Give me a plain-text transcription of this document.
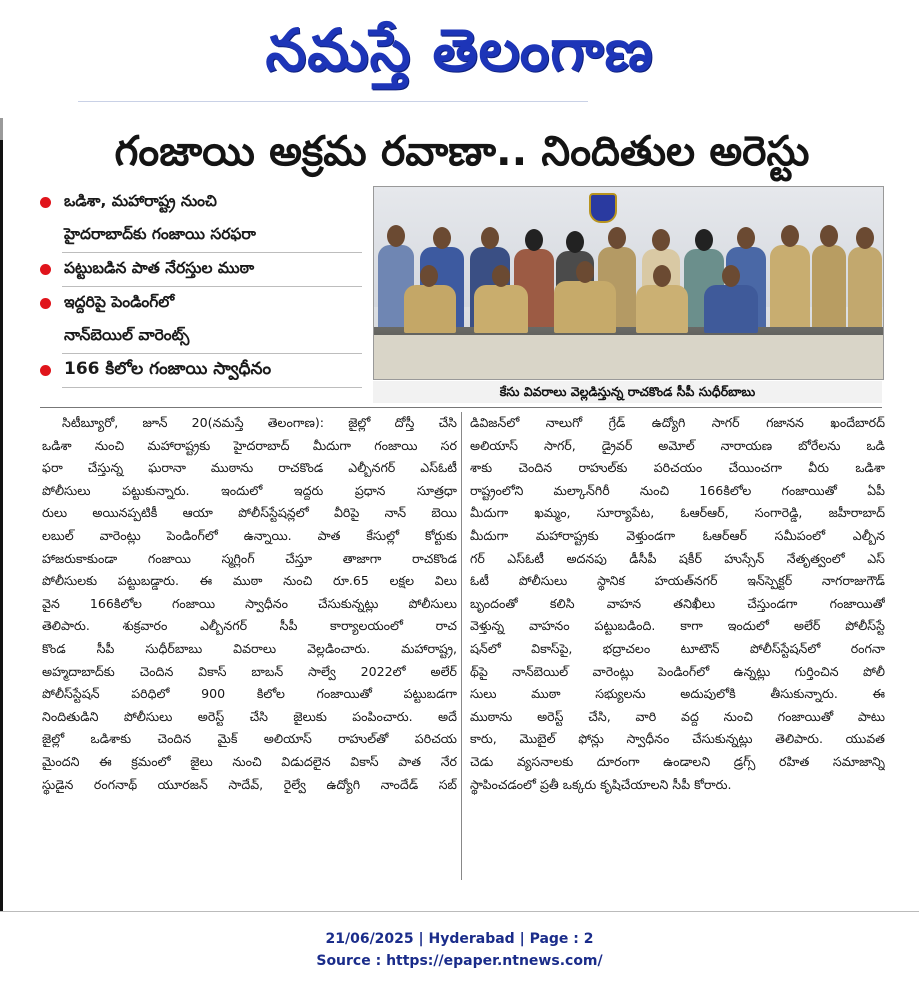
నమస్తే తెలంగాణ
గంజాయి అక్రమ రవాణా.. నిందితుల అరెస్టు
ఒడిశా, మహారాష్ట్ర నుంచి
హైదరాబాద్‌కు గంజాయి సరఫరా
పట్టుబడిన పాత నేరస్తుల ముఠా
ఇద్దరిపై పెండింగ్‌లో
నాన్‌బెయిల్ వారెంట్స్
166 కిలోల గంజాయి స్వాధీనం
కేసు వివరాలు వెల్లడిస్తున్న రాచకొండ సీపీ సుధీర్‌బాబు
సిటీబ్యూరో, జూన్ 20(నమస్తే తెలంగాణ): జైల్లో దోస్తీ చేసి
ఒడిశా నుంచి మహారాష్ట్రకు హైదరాబాద్ మీదుగా గంజాయి సర
ఫరా చేస్తున్న ఘరానా ముఠాను రాచకొండ ఎల్బీనగర్ ఎస్‌ఓటీ
పోలీసులు పట్టుకున్నారు. ఇందులో ఇద్దరు ప్రధాన సూత్రధా
రులు అయినప్పటికీ ఆయా పోలీస్‌స్టేషన్లలో వీరిపై నాన్ బెయి
లబుల్ వారెంట్లు పెండింగ్‌లో ఉన్నాయి. పాత కేసుల్లో కోర్టుకు
హాజరుకాకుండా గంజాయి స్మగ్లింగ్ చేస్తూ తాజాగా రాచకొండ
పోలీసులకు పట్టుబడ్డారు. ఈ ముఠా నుంచి రూ.65 లక్షల విలు
వైన 166కిలోల గంజాయి స్వాధీనం చేసుకున్నట్లు పోలీసులు
తెలిపారు. శుక్రవారం ఎల్బీనగర్ సీపీ కార్యాలయంలో రాచ
కొండ సీపీ సుధీర్‌బాబు వివరాలు వెల్లడించారు. మహారాష్ట్ర,
అహ్మదాబాద్‌కు చెందిన వికాస్ బాబన్ సాల్వే 2022లో అలేర్
పోలీస్‌స్టేషన్ పరిధిలో 900 కిలోల గంజాయితో పట్టుబడగా
నిందితుడిని పోలీసులు అరెస్ట్ చేసి జైలుకు పంపించారు. అదే
జైల్లో ఒడిశాకు చెందిన మైక్ అలియాస్ రాహుల్‌తో పరిచయ
మైందని ఈ క్రమంలో జైలు నుంచి విడుదలైన వికాస్ పాత నేర
స్థుడైన రంగనాథ్ యూరజన్ సాదేవ్, రైల్వే ఉద్యోగి నాందేడ్ సబ్
డివిజన్‌లో నాలుగో గ్రేడ్ ఉద్యోగి సాగర్ గజానన ఖందేబారద్
అలియాస్ సాగర్, డ్రైవర్ అమోల్ నారాయణ బోరేలను ఒడి
శాకు చెందిన రాహుల్‌కు పరిచయం చేయించగా వీరు ఒడిశా
రాష్ట్రంలోని మల్కాన్‌గిరీ నుంచి 166కిలోల గంజాయితో ఏపీ
మీదుగా ఖమ్మం, సూర్యాపేట, ఓఆర్ఆర్, సంగారెడ్డి, జహీరాబాద్
మీదుగా మహారాష్ట్రకు వెళ్తుండగా ఓఆర్ఆర్ సమీపంలో ఎల్బీన
గర్ ఎస్ఓటీ అదనపు డీసీపీ షకీర్ హుస్సేన్ నేతృత్వంలో ఎస్
ఓటీ పోలీసులు స్థానిక హయత్‌నగర్ ఇన్‌స్పెక్టర్ నాగరాజుగౌడ్
బృందంతో కలిసి వాహన తనిఖీలు చేస్తుండగా గంజాయితో
వెళ్తున్న వాహనం పట్టుబడింది. కాగా ఇందులో అలేర్ పోలీస్‌స్టే
షన్‌లో వికాస్‌పై, భద్రాచలం టూటౌన్ పోలీస్‌స్టేషన్‌లో రంగనా
థ్‌పై నాన్‌బెయిల్ వారెంట్లు పెండింగ్‌లో ఉన్నట్లు గుర్తించిన పోలీ
సులు ముఠా సభ్యులను అదుపులోకి తీసుకున్నారు. ఈ
ముఠాను అరెస్ట్ చేసి, వారి వద్ద నుంచి గంజాయితో పాటు
కారు, మొబైల్ ఫోన్లు స్వాధీనం చేసుకున్నట్లు తెలిపారు. యువత
చెడు వ్యసనాలకు దూరంగా ఉండాలని డ్రగ్స్ రహిత సమాజాన్ని
స్థాపించడంలో ప్రతీ ఒక్కరు కృషిచేయాలని సీపీ కోరారు.
21/06/2025 | Hyderabad | Page : 2
Source : https://epaper.ntnews.com/
